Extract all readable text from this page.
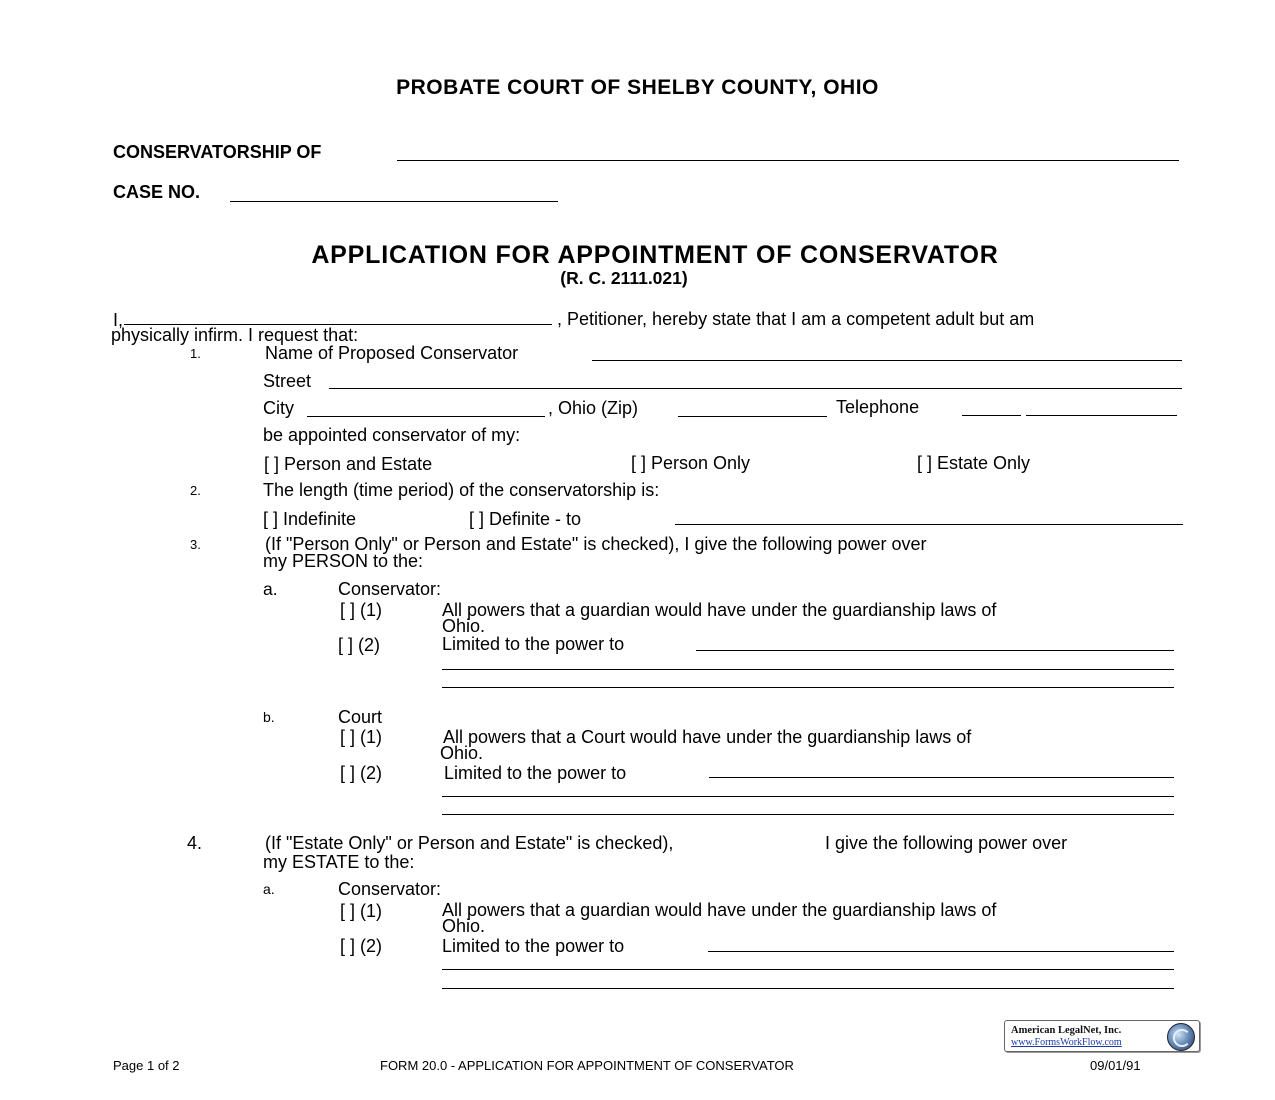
PROBATE COURT OF SHELBY COUNTY, OHIO
CONSERVATORSHIP OF
CASE NO.
APPLICATION FOR APPOINTMENT OF CONSERVATOR
(R. C. 2111.021)
I,	, Petitioner, hereby state that I am a competent adult but am
physically infirm. I request that:
1.	Name of Proposed Conservator
Street
City	, Ohio (Zip)	Telephone
be appointed conservator of my:
[ ] Person and Estate	[ ] Person Only	[ ] Estate Only
2.	The length (time period) of the conservatorship is:
[ ] Indefinite	[ ] Definite - to
3.	(If "Person Only" or Person and Estate" is checked), I give the following power over
my PERSON to the:
a.	Conservator:
[ ] (1)	All powers that a guardian would have under the guardianship laws of
Ohio.
[ ] (2)	Limited to the power to
b.	Court
[ ] (1)	All powers that a Court would have under the guardianship laws of
Ohio.
[ ] (2)	Limited to the power to
4.	(If "Estate Only" or Person and Estate" is checked),	I give the following power over
my ESTATE to the:
a.	Conservator:
[ ] (1)	All powers that a guardian would have under the guardianship laws of
Ohio.
[ ] (2)	Limited to the power to
American LegalNet, Inc.
www.FormsWorkFlow.com
Page 1 of 2	FORM 20.0 - APPLICATION FOR APPOINTMENT OF CONSERVATOR	09/01/91
